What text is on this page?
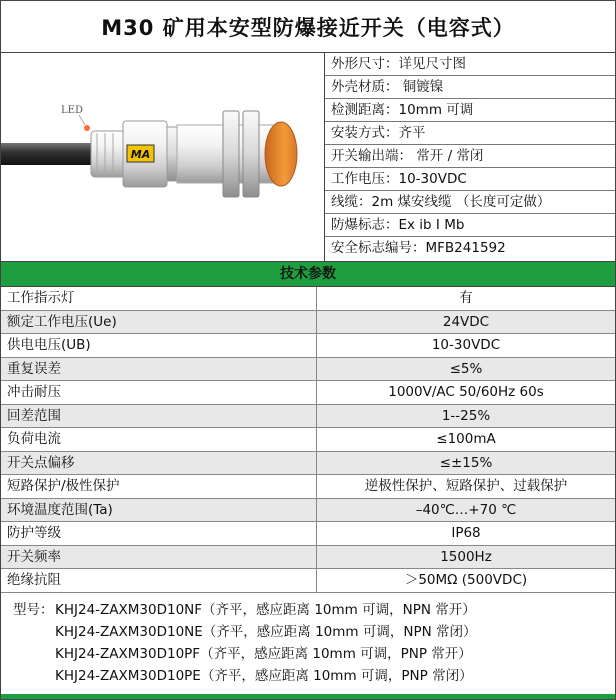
M30 矿用本安型防爆接近开关（电容式）
MA
LED
外形尺寸：详见尺寸图
外壳材质： 铜镀镍
检测距离：10mm 可调
安装方式：齐平
开关输出端： 常开 / 常闭
工作电压：10-30VDC
线缆：2m 煤安线缆 （长度可定做）
防爆标志：Ex ib I Mb
安全标志编号：MFB241592
技术参数
工作指示灯	有
额定工作电压(Ue)	24VDC
供电电压(UB)	10-30VDC
重复误差	≤5%
冲击耐压	1000V/AC 50/60Hz 60s
回差范围	1--25%
负荷电流	≤100mA
开关点偏移	≤±15%
短路保护/极性保护	逆极性保护、短路保护、过载保护
环境温度范围(Ta)	–40℃…+70 ℃
防护等级	IP68
开关频率	1500Hz
绝缘抗阻	＞50MΩ (500VDC)
型号： KHJ24-ZAXM30D10NF（齐平，感应距离 10mm 可调，NPN 常开）
KHJ24-ZAXM30D10NE（齐平，感应距离 10mm 可调，NPN 常闭）
KHJ24-ZAXM30D10PF（齐平，感应距离 10mm 可调，PNP 常开）
KHJ24-ZAXM30D10PE（齐平，感应距离 10mm 可调，PNP 常闭）
